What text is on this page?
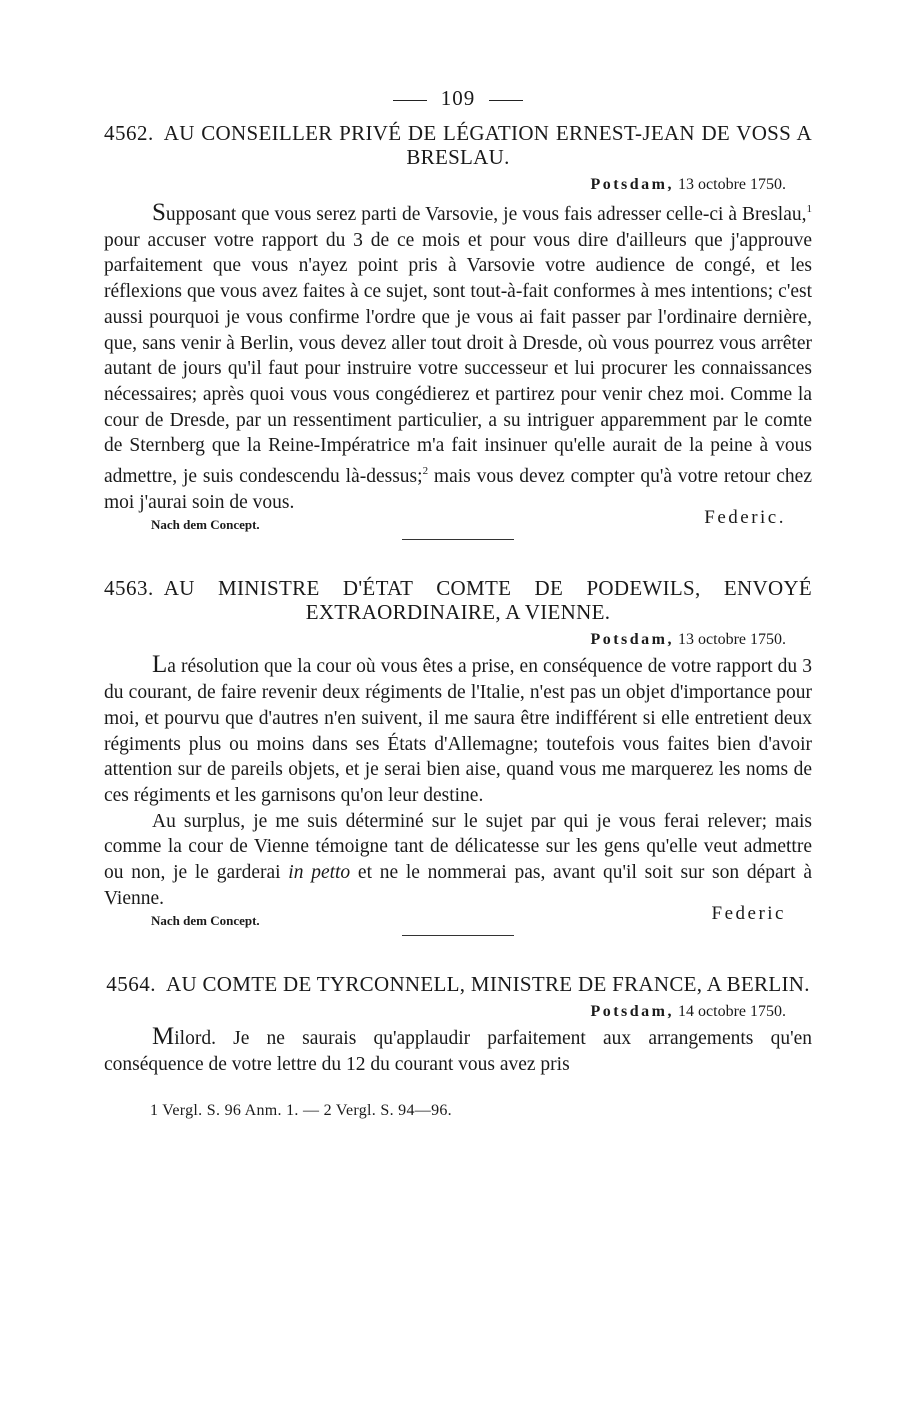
109
4562. AU CONSEILLER PRIVÉ DE LÉGATION ERNEST-JEAN DE VOSS A BRESLAU.
Potsdam, 13 octobre 1750.

Supposant que vous serez parti de Varsovie, je vous fais adresser celle-ci à Breslau,$^1$ pour accuser votre rapport du 3 de ce mois et pour vous dire d'ailleurs que j'approuve parfaitement que vous n'ayez point pris à Varsovie votre audience de congé, et les réflexions que vous avez faites à ce sujet, sont tout-à-fait conformes à mes intentions; c'est aussi pourquoi je vous confirme l'ordre que je vous ai fait passer par l'ordinaire dernière, que, sans venir à Berlin, vous devez aller tout droit à Dresde, où vous pourrez vous arrêter autant de jours qu'il faut pour instruire votre successeur et lui procurer les connaissances nécessaires; après quoi vous vous congédierez et partirez pour venir chez moi. Comme la cour de Dresde, par un ressentiment particulier, a su intriguer apparemment par le comte de Sternberg que la Reine-Impératrice m'a fait insinuer qu'elle aurait de la peine à vous admettre, je suis condescendu là-dessus;$^2$ mais vous devez compter qu'à votre retour chez moi j'aurai soin de vous.

Nach dem Concept.	Federic.
4563. AU MINISTRE D'ÉTAT COMTE DE PODEWILS, ENVOYÉ EXTRAORDINAIRE, A VIENNE.
Potsdam, 13 octobre 1750.

La résolution que la cour où vous êtes a prise, en conséquence de votre rapport du 3 du courant, de faire revenir deux régiments de l'Italie, n'est pas un objet d'importance pour moi, et pourvu que d'autres n'en suivent, il me saura être indifférent si elle entretient deux régiments plus ou moins dans ses États d'Allemagne; toutefois vous faites bien d'avoir attention sur de pareils objets, et je serai bien aise, quand vous me marquerez les noms de ces régiments et les garnisons qu'on leur destine.

Au surplus, je me suis déterminé sur le sujet par qui je vous ferai relever; mais comme la cour de Vienne témoigne tant de délicatesse sur les gens qu'elle veut admettre ou non, je le garderai in petto et ne le nommerai pas, avant qu'il soit sur son départ à Vienne.

Nach dem Concept.	Federic
4564. AU COMTE DE TYRCONNELL, MINISTRE DE FRANCE, A BERLIN.
Potsdam, 14 octobre 1750.

Milord. Je ne saurais qu'applaudir parfaitement aux arrangements qu'en conséquence de votre lettre du 12 du courant vous avez pris

1 Vergl. S. 96 Anm. 1. — 2 Vergl. S. 94—96.
